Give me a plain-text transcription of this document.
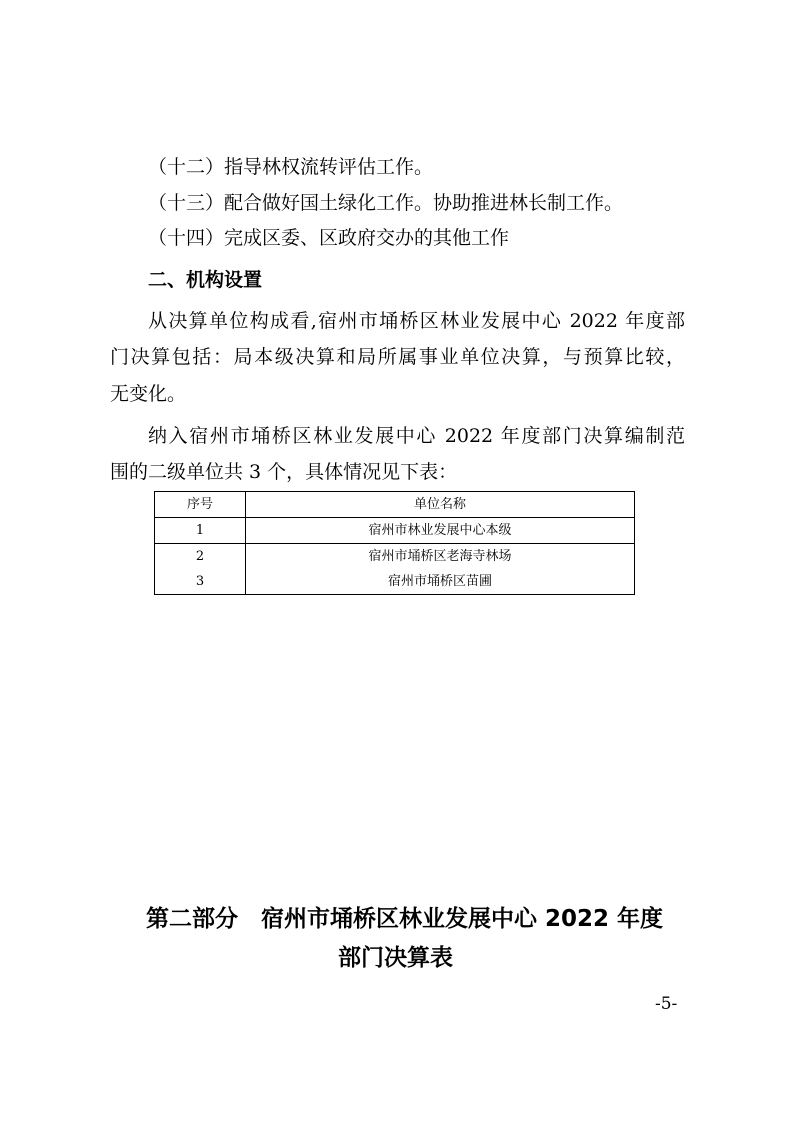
（十二）指导林权流转评估工作。
（十三）配合做好国土绿化工作。协助推进林长制工作。
（十四）完成区委、区政府交办的其他工作
二、机构设置
从决算单位构成看,宿州市埇桥区林业发展中心 2022 年度部
门决算包括：局本级决算和局所属事业单位决算，与预算比较，
无变化。
纳入宿州市埇桥区林业发展中心 2022 年度部门决算编制范
围的二级单位共 3 个，具体情况见下表：
序号	单位名称
1	宿州市林业发展中心本级
2	宿州市埇桥区老海寺林场
3	宿州市埇桥区苗圃
第二部分　宿州市埇桥区林业发展中心 2022 年度
部门决算表
-5-
